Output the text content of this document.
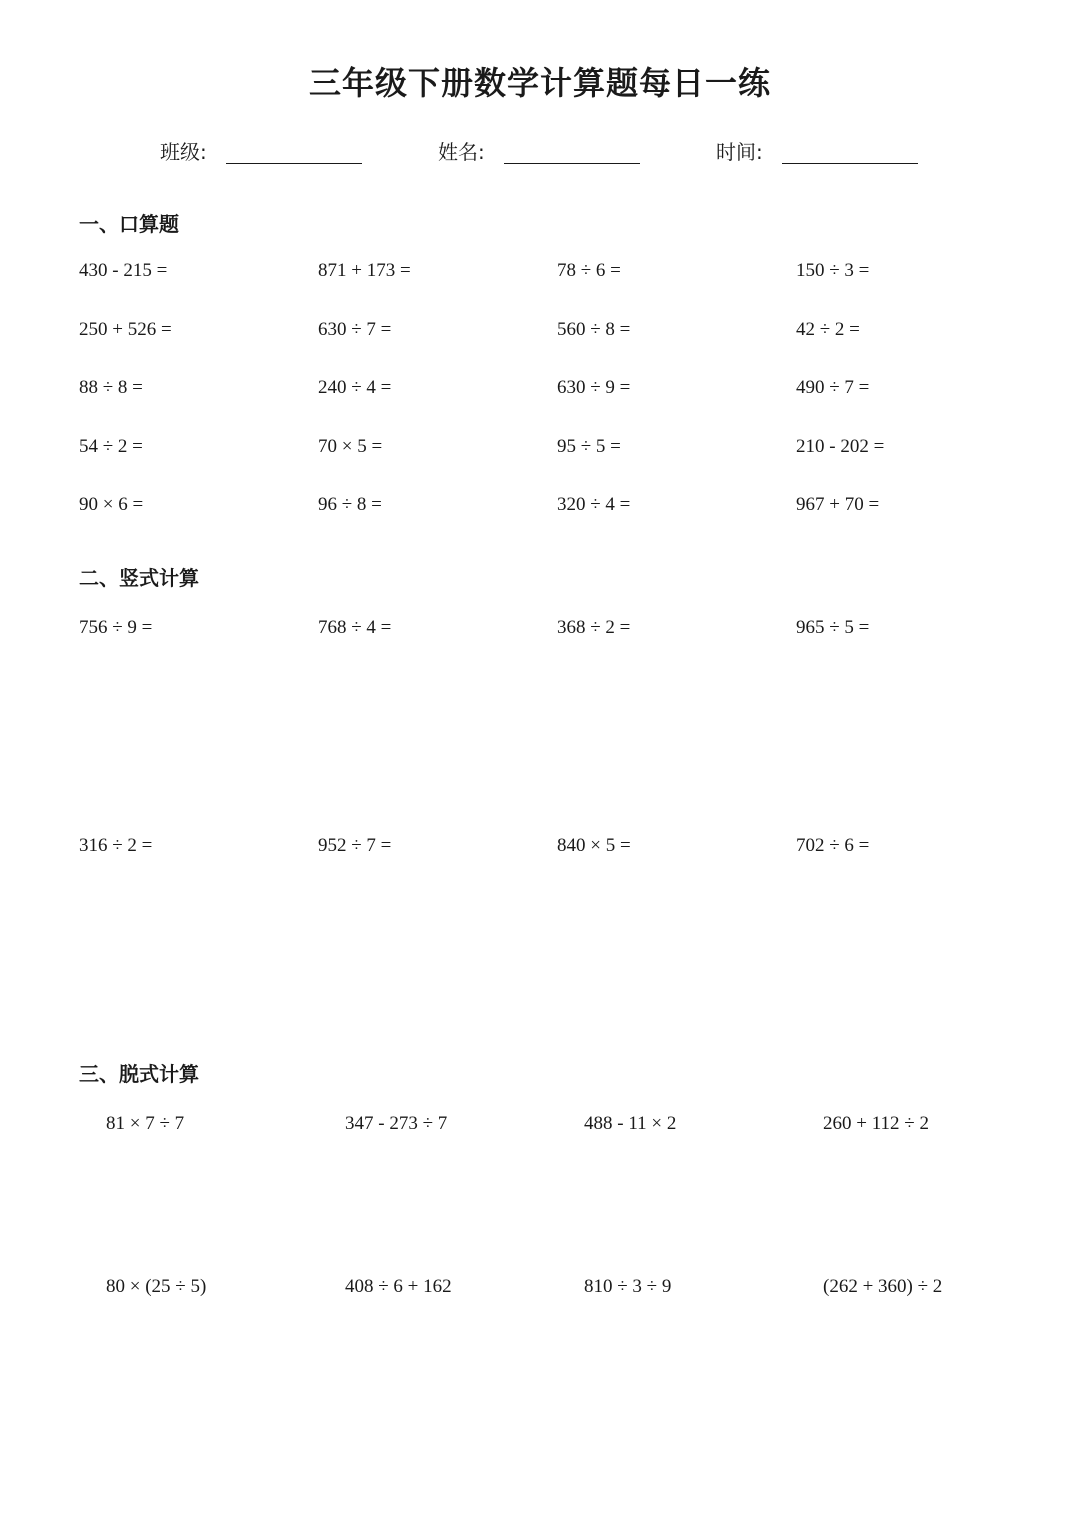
三年级下册数学计算题每日一练
班级:	姓名:	时间:
一、口算题
430 - 215 =	871 + 173 =	78 ÷ 6 =	150 ÷ 3 =
250 + 526 =	630 ÷ 7 =	560 ÷ 8 =	42 ÷ 2 =
88 ÷ 8 =	240 ÷ 4 =	630 ÷ 9 =	490 ÷ 7 =
54 ÷ 2 =	70 × 5 =	95 ÷ 5 =	210 - 202 =
90 × 6 =	96 ÷ 8 =	320 ÷ 4 =	967 + 70 =
二、竖式计算
756 ÷ 9 =	768 ÷ 4 =	368 ÷ 2 =	965 ÷ 5 =
316 ÷ 2 =	952 ÷ 7 =	840 × 5 =	702 ÷ 6 =
三、脱式计算
81 × 7 ÷ 7	347 - 273 ÷ 7	488 - 11 × 2	260 + 112 ÷ 2
80 × (25 ÷ 5)	408 ÷ 6 + 162	810 ÷ 3 ÷ 9	(262 + 360) ÷ 2
